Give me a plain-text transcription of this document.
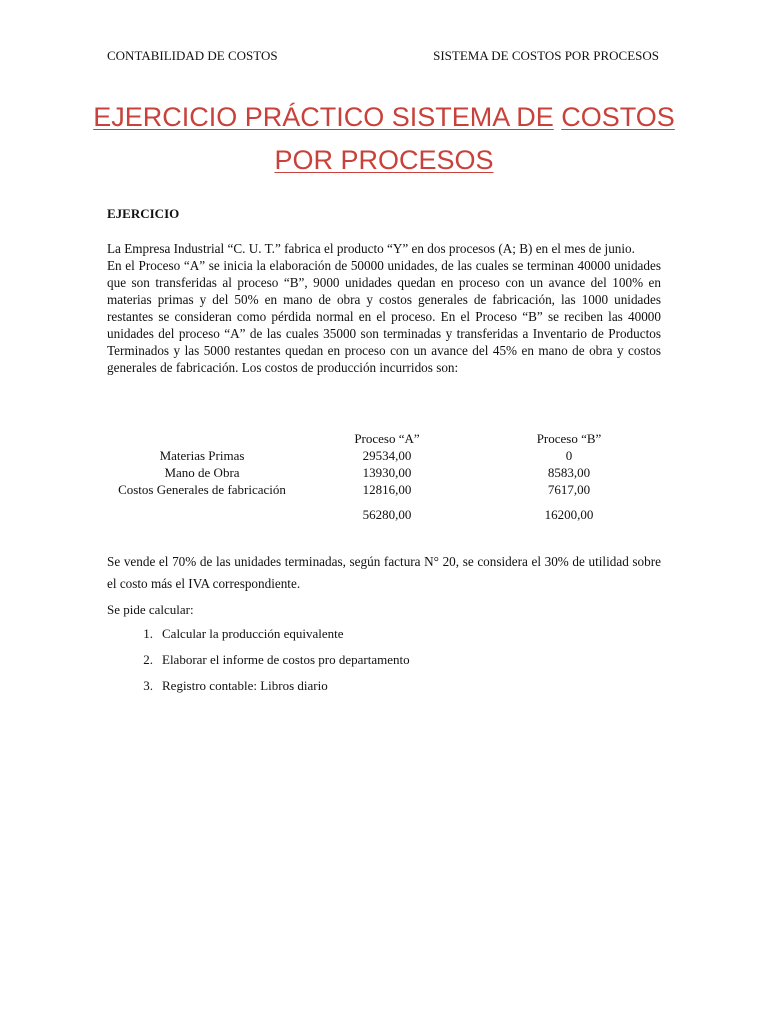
CONTABILIDAD DE COSTOS	SISTEMA DE COSTOS POR PROCESOS
EJERCICIO PRÁCTICO SISTEMA DE COSTOS
POR PROCESOS
EJERCICIO

La Empresa Industrial “C. U. T.” fabrica el producto “Y” en dos procesos (A; B) en el mes de junio.

En el Proceso “A” se inicia la elaboración de 50000 unidades, de las cuales se terminan 40000 unidades que son transferidas al proceso “B”, 9000 unidades quedan en proceso con un avance del 100% en materias primas y del 50% en mano de obra y costos generales de fabricación, las 1000 unidades restantes se consideran como pérdida normal en el proceso. En el Proceso “B” se reciben las 40000 unidades del proceso “A” de las cuales 35000 son terminadas y transferidas a Inventario de Productos Terminados y las 5000 restantes quedan en proceso con un avance del 45% en mano de obra y costos generales de fabricación. Los costos de producción incurridos son:

	Proceso “A”	Proceso “B”
Materias Primas	29534,00	0
Mano de Obra	13930,00	8583,00
Costos Generales de fabricación	12816,00	7617,00
	56280,00	16200,00

Se vende el 70% de las unidades terminadas, según factura N° 20, se considera el 30% de utilidad sobre el costo más el IVA correspondiente.

Se pide calcular:
1. Calcular la producción equivalente
2. Elaborar el informe de costos pro departamento
3. Registro contable: Libros diario
